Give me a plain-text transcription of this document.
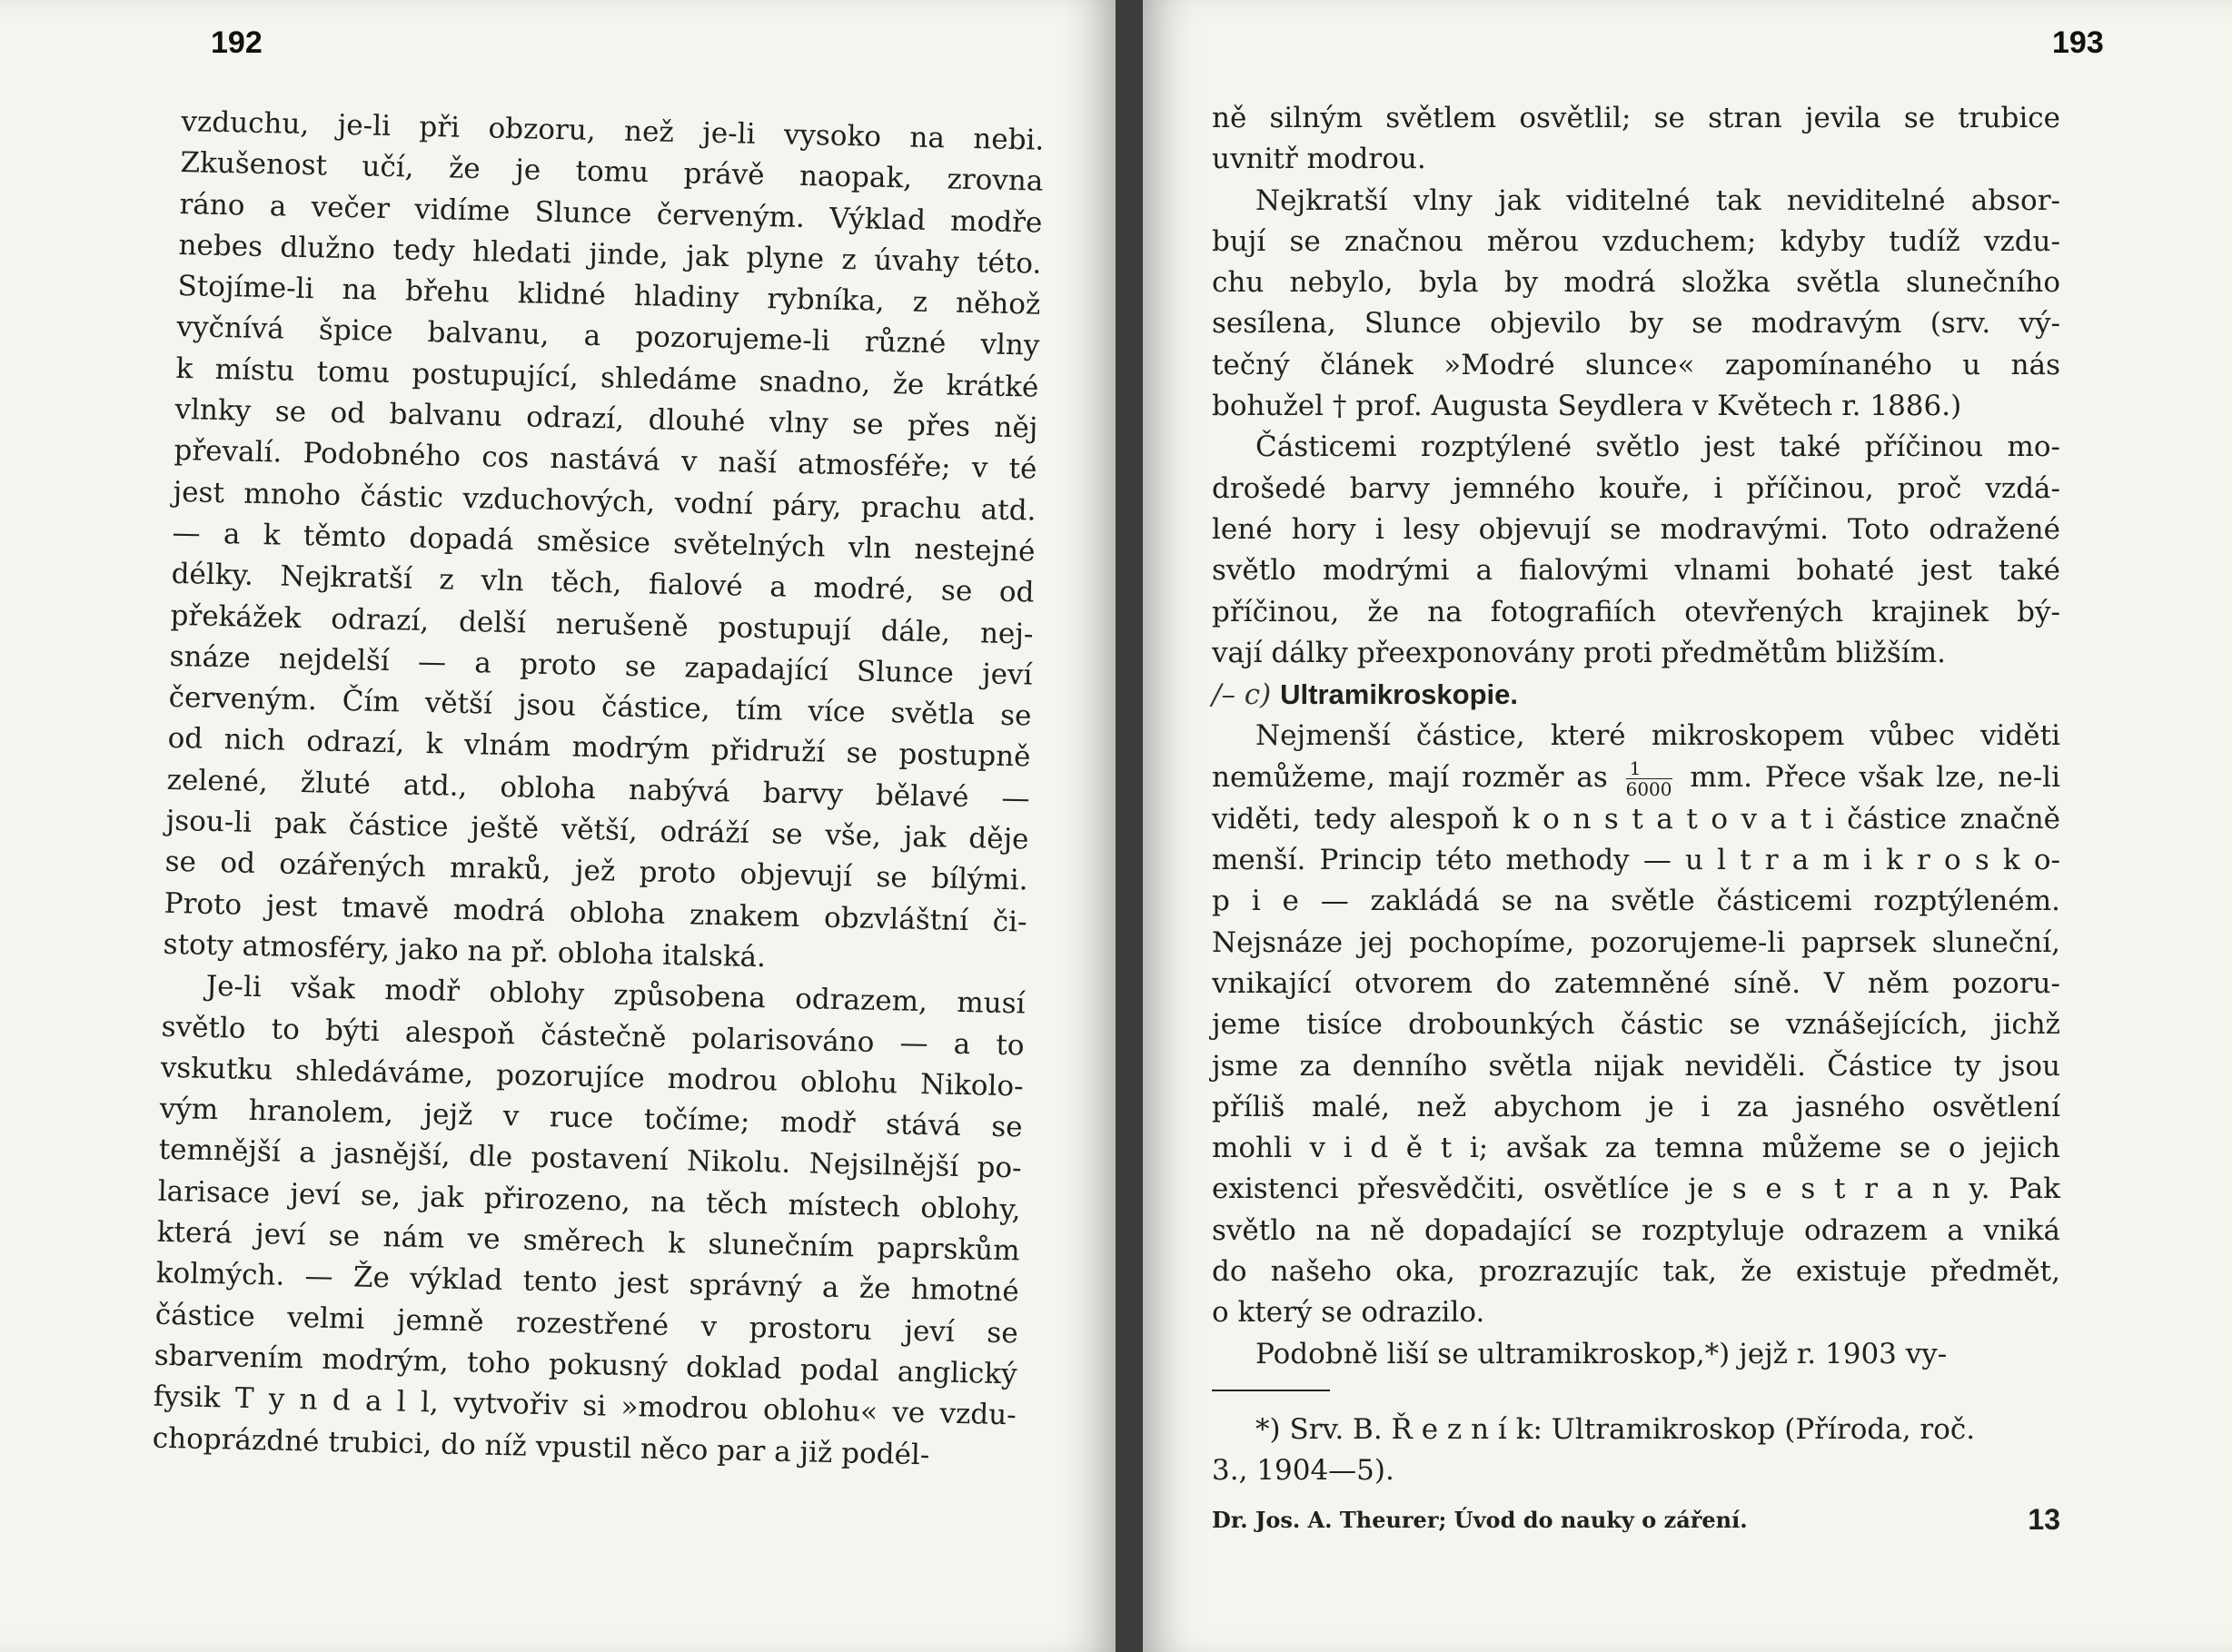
192
vzduchu, je-li při obzoru, než je-li vysoko na nebi.
Zkušenost učí, že je tomu právě naopak, zrovna
ráno a večer vidíme Slunce červeným. Výklad modře
nebes dlužno tedy hledati jinde, jak plyne z úvahy této.
Stojíme-li na břehu klidné hladiny rybníka, z něhož
vyčnívá špice balvanu, a pozorujeme-li různé vlny
k místu tomu postupující, shledáme snadno, že krátké
vlnky se od balvanu odrazí, dlouhé vlny se přes něj
převalí. Podobného cos nastává v naší atmosféře; v té
jest mnoho částic vzduchových, vodní páry, prachu atd.
— a k těmto dopadá směsice světelných vln nestejné
délky. Nejkratší z vln těch, fialové a modré, se od
překážek odrazí, delší nerušeně postupují dále, nej-
snáze nejdelší — a proto se zapadající Slunce jeví
červeným. Čím větší jsou částice, tím více světla se
od nich odrazí, k vlnám modrým přidruží se postupně
zelené, žluté atd., obloha nabývá barvy bělavé —
jsou-li pak částice ještě větší, odráží se vše, jak děje
se od ozářených mraků, jež proto objevují se bílými.
Proto jest tmavě modrá obloha znakem obzvláštní či-
stoty atmosféry, jako na př. obloha italská.
Je-li však modř oblohy způsobena odrazem, musí
světlo to býti alespoň částečně polarisováno — a to
vskutku shledáváme, pozorujíce modrou oblohu Nikolo-
vým hranolem, jejž v ruce točíme; modř stává se
temnější a jasnější, dle postavení Nikolu. Nejsilnější po-
larisace jeví se, jak přirozeno, na těch místech oblohy,
která jeví se nám ve směrech k slunečním paprskům
kolmých. — Že výklad tento jest správný a že hmotné
částice velmi jemně rozestřené v prostoru jeví se
sbarvením modrým, toho pokusný doklad podal anglický
fysik T y n d a l l, vytvořiv si »modrou oblohu« ve vzdu-
choprázdné trubici, do níž vpustil něco par a již podél-
193
ně silným světlem osvětlil; se stran jevila se trubice
uvnitř modrou.
Nejkratší vlny jak viditelné tak neviditelné absor-
bují se značnou měrou vzduchem; kdyby tudíž vzdu-
chu nebylo, byla by modrá složka světla slunečního
sesílena, Slunce objevilo by se modravým (srv. vý-
tečný článek »Modré slunce« zapomínaného u nás
bohužel † prof. Augusta Seydlera v Květech r. 1886.)
Částicemi rozptýlené světlo jest také příčinou mo-
drošedé barvy jemného kouře, i příčinou, proč vzdá-
lené hory i lesy objevují se modravými. Toto odražené
světlo modrými a fialovými vlnami bohaté jest také
příčinou, že na fotografiích otevřených krajinek bý-
vají dálky přeexponovány proti předmětům bližším.
/– c) Ultramikroskopie.
Nejmenší částice, které mikroskopem vůbec viděti
nemůžeme, mají rozměr as $\frac{1}{6000}$ mm. Přece však lze, ne-li
viděti, tedy alespoň k o n s t a t o v a t i částice značně
menší. Princip této methody — u l t r a m i k r o s k o-
p i e — zakládá se na světle částicemi rozptýleném.
Nejsnáze jej pochopíme, pozorujeme-li paprsek sluneční,
vnikající otvorem do zatemněné síně. V něm pozoru-
jeme tisíce drobounkých částic se vznášejících, jichž
jsme za denního světla nijak neviděli. Částice ty jsou
příliš malé, než abychom je i za jasného osvětlení
mohli v i d ě t i; avšak za temna můžeme se o jejich
existenci přesvědčiti, osvětlíce je s e s t r a n y. Pak
světlo na ně dopadající se rozptyluje odrazem a vniká
do našeho oka, prozrazujíc tak, že existuje předmět,
o který se odrazilo.
Podobně liší se ultramikroskop,*) jejž r. 1903 vy-
*) Srv. B. Ř e z n í k: Ultramikroskop (Příroda, roč.
3., 1904—5).
Dr. Jos. A. Theurer; Úvod do nauky o záření.	13
